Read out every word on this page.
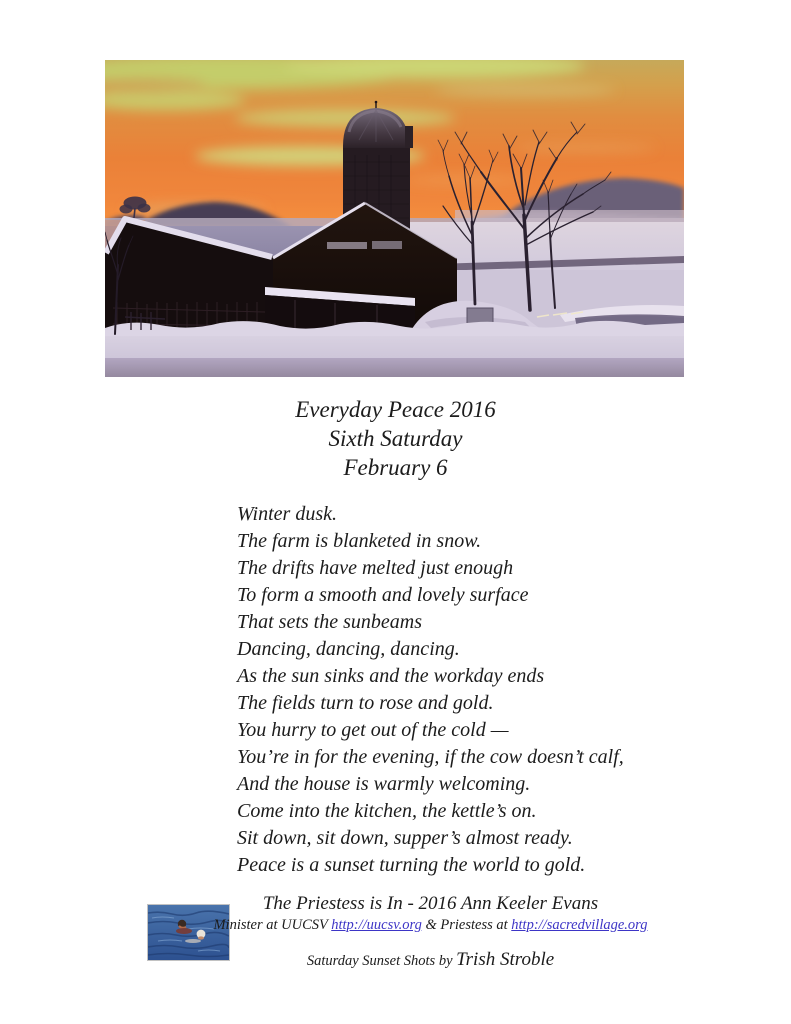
Everyday Peace 2016
Sixth Saturday
February 6
Winter dusk.
The farm is blanketed in snow.
The drifts have melted just enough
To form a smooth and lovely surface
That sets the sunbeams
Dancing, dancing, dancing.
As the sun sinks and the workday ends
The fields turn to rose and gold.
You hurry to get out of the cold —
You’re in for the evening, if the cow doesn’t calf,
And the house is warmly welcoming.
Come into the kitchen, the kettle’s on.
Sit down, sit down, supper’s almost ready.
Peace is a sunset turning the world to gold.
The Priestess is In - 2016 Ann Keeler Evans
Minister at UUCSV http://uucsv.org & Priestess at http://sacredvillage.org
Saturday Sunset Shots by Trish Stroble
